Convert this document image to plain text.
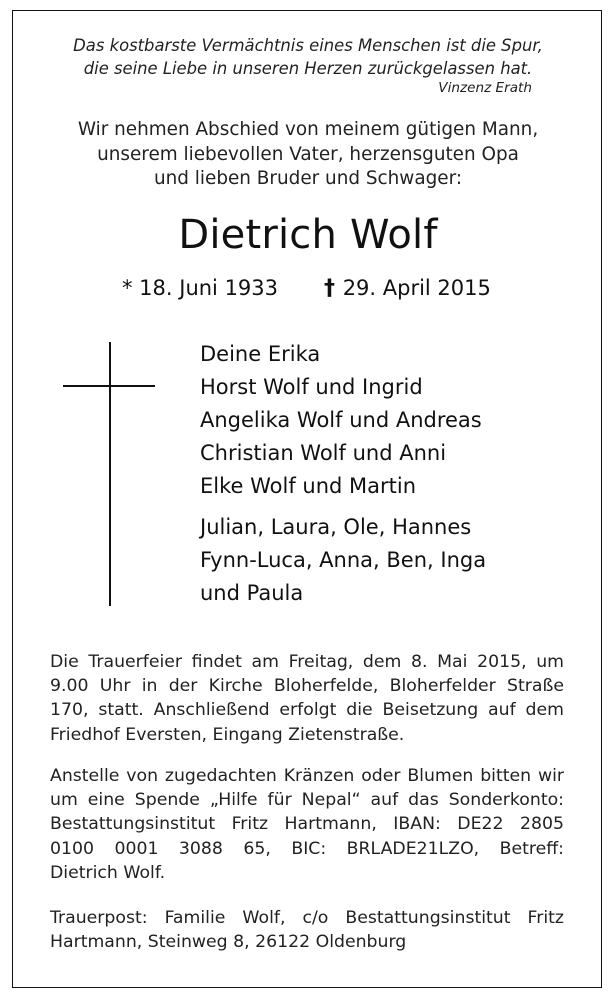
Das kostbarste Vermächtnis eines Menschen ist die Spur,
die seine Liebe in unseren Herzen zurückgelassen hat.
Vinzenz Erath
Wir nehmen Abschied von meinem gütigen Mann,
unserem liebevollen Vater, herzensguten Opa
und lieben Bruder und Schwager:
Dietrich Wolf
* 18. Juni 1933 † 29. April 2015
Deine Erika
Horst Wolf und Ingrid
Angelika Wolf und Andreas
Christian Wolf und Anni
Elke Wolf und Martin
Julian, Laura, Ole, Hannes
Fynn-Luca, Anna, Ben, Inga
und Paula
Die Trauerfeier findet am Freitag, dem 8. Mai 2015, um
9.00 Uhr in der Kirche Bloherfelde, Bloherfelder Straße
170, statt. Anschließend erfolgt die Beisetzung auf dem
Friedhof Eversten, Eingang Zietenstraße.
Anstelle von zugedachten Kränzen oder Blumen bitten wir
um eine Spende „Hilfe für Nepal“ auf das Sonderkonto:
Bestattungsinstitut Fritz Hartmann, IBAN: DE22 2805
0100 0001 3088 65, BIC: BRLADE21LZO, Betreff:
Dietrich Wolf.
Trauerpost: Familie Wolf, c/o Bestattungsinstitut Fritz
Hartmann, Steinweg 8, 26122 Oldenburg
